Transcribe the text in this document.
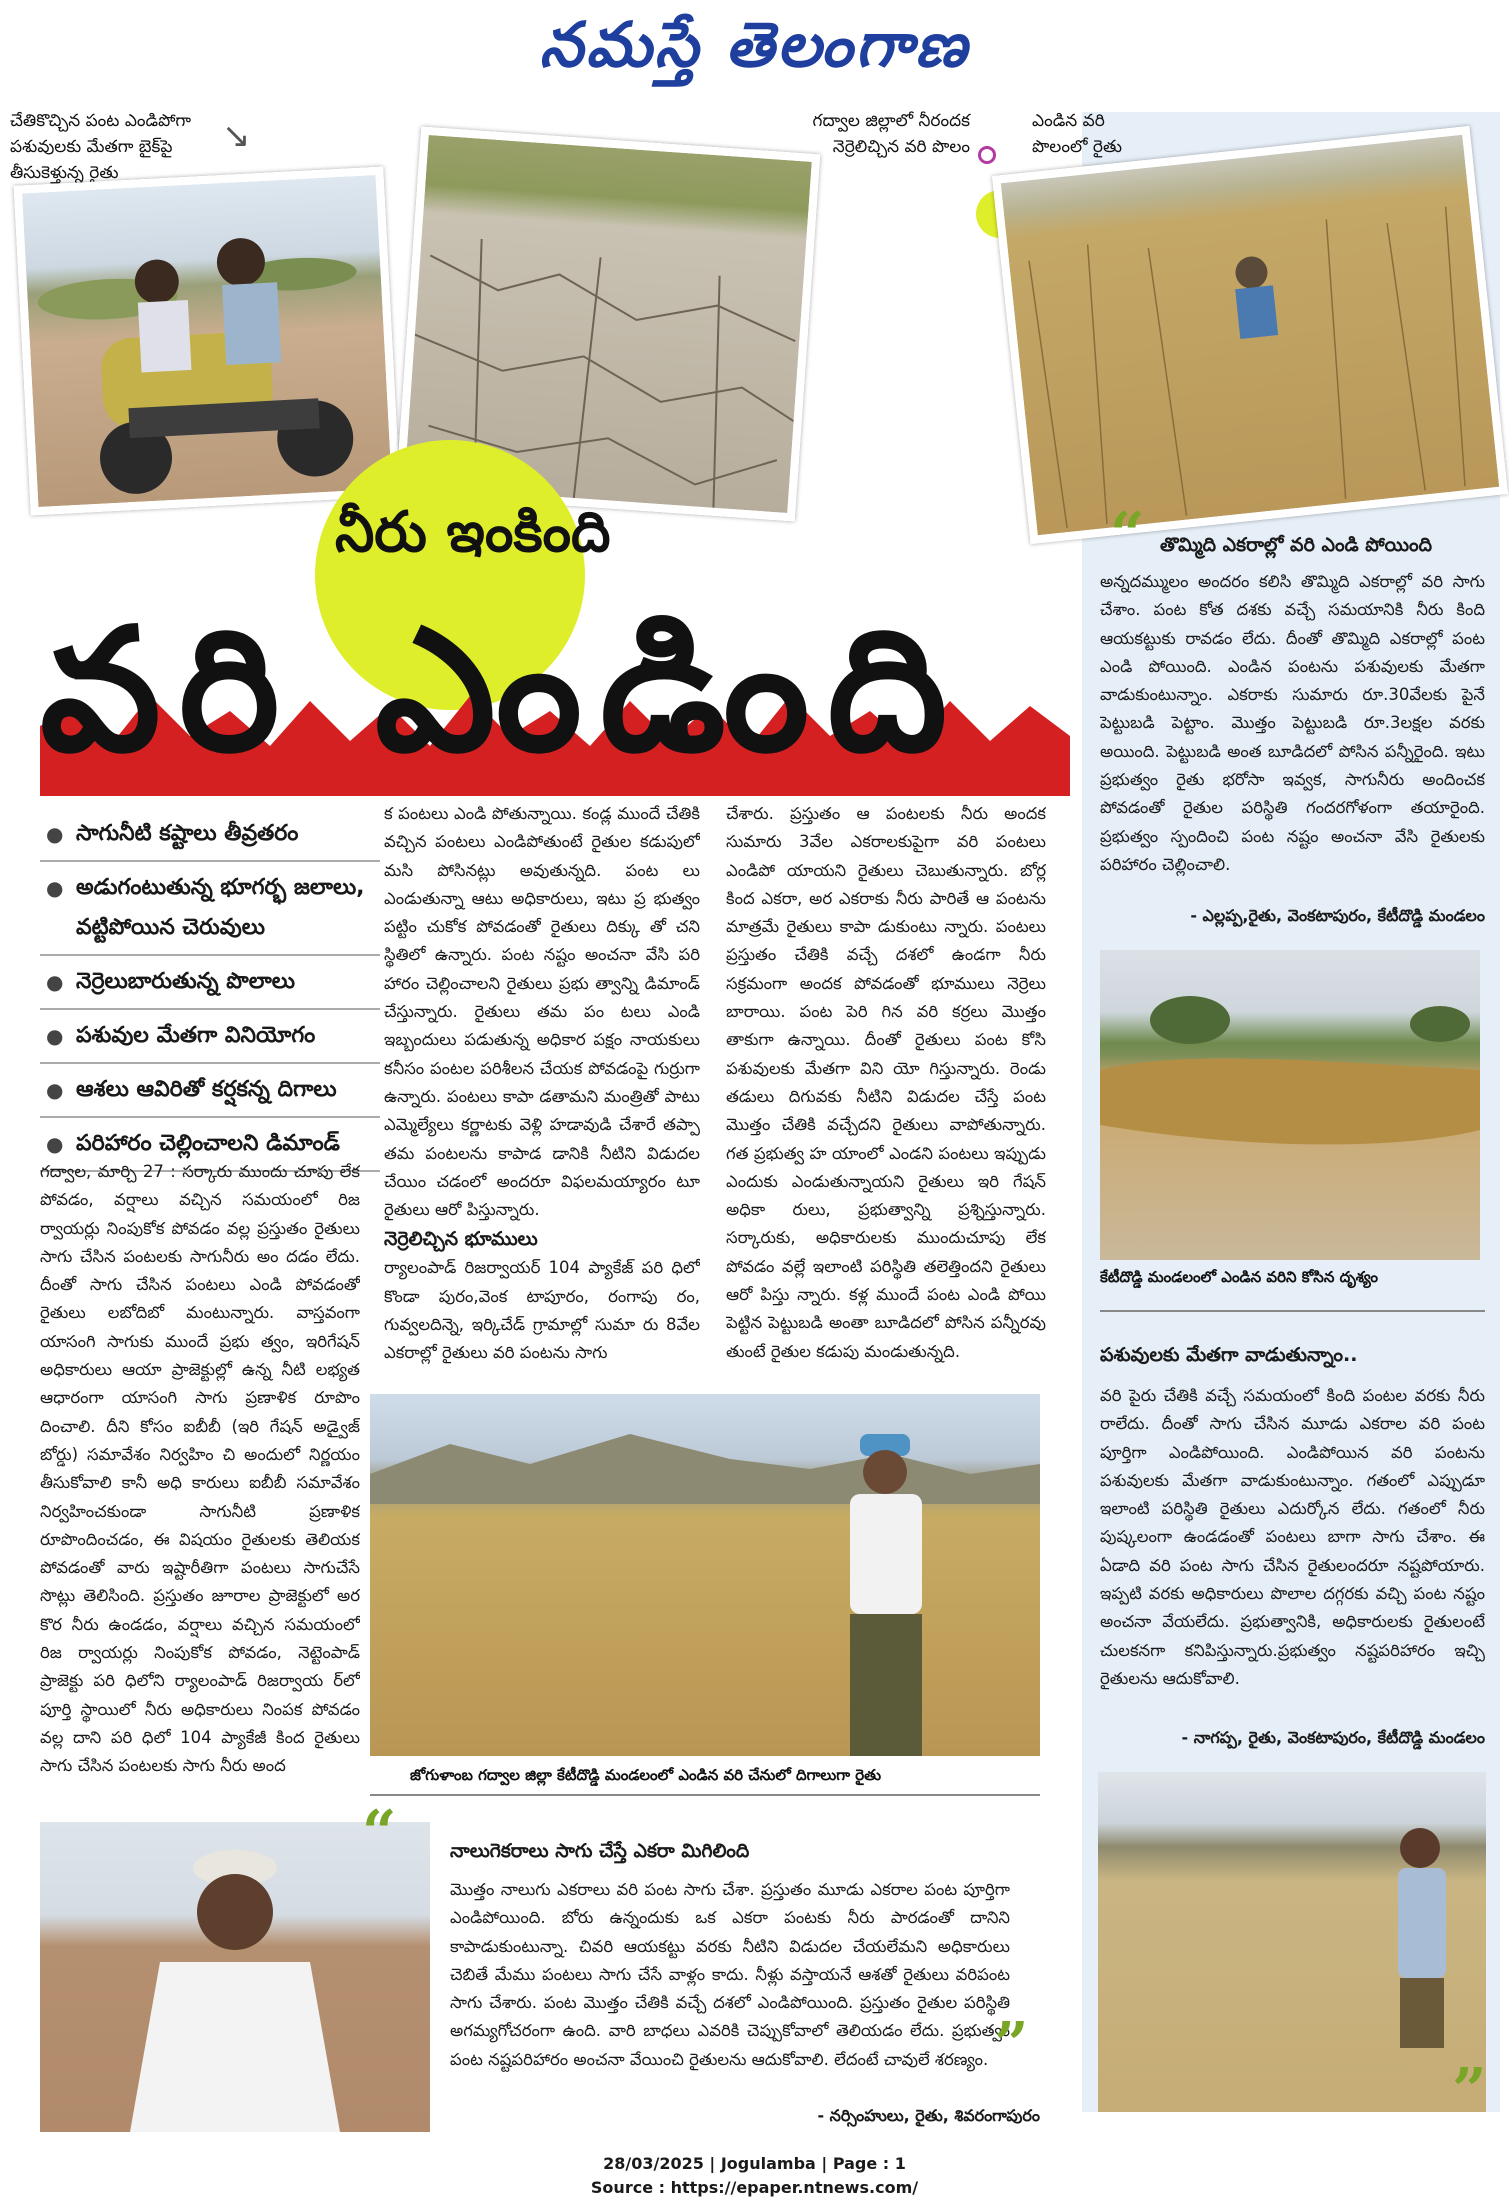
నమస్తే తెలంగాణ
చేతికొచ్చిన పంట ఎండిపోగా
పశువులకు మేతగా బైక్‌పై
తీసుకెళ్తున్న రైతు
↘	గద్వాల జిల్లాలో నీరందక
నెర్రెలిచ్చిన వరి పొలం
ఎండిన వరి
పొలంలో రైతు
నీరు ఇంకింది
వరి ఎండింది
● సాగునీటి కష్టాలు తీవ్రతరం
● అడుగంటుతున్న భూగర్భ జలాలు, వట్టిపోయిన చెరువులు
● నెర్రెలుబారుతున్న పొలాలు
● పశువుల మేతగా వినియోగం
● ఆశలు ఆవిరితో కర్షకన్న దిగాలు
● పరిహారం చెల్లించాలని డిమాండ్

గద్వాల, మార్చి 27 : సర్కారు ముందు చూపు లేక పోవడం, వర్షాలు వచ్చిన సమయంలో రిజ ర్వాయర్లు నింపుకోక పోవడం వల్ల ప్రస్తుతం రైతులు సాగు చేసిన పంటలకు సాగునీరు అం దడం లేదు. దీంతో సాగు చేసిన పంటలు ఎండి పోవడంతో రైతులు లబోదిబో మంటున్నారు. వాస్తవంగా యాసంగి సాగుకు ముందే ప్రభు త్వం, ఇరిగేషన్ అధికారులు ఆయా ప్రాజెక్టుల్లో ఉన్న నీటి లభ్యత ఆధారంగా యాసంగి సాగు ప్రణాళిక రూపొం దించాలి. దీని కోసం ఐబీబీ (ఇరి గేషన్ అడ్వైజ్ బోర్డు) సమావేశం నిర్వహిం చి అందులో నిర్ణయం తీసుకోవాలి కానీ అధి కారులు ఐబీబీ సమావేశం నిర్వహించకుండా సాగునీటి ప్రణాళిక రూపొందించడం, ఈ విషయం రైతులకు తెలియక పోవడంతో వారు ఇష్టారీతిగా పంటలు సాగుచేసే సొట్లు తెలిసింది. ప్రస్తుతం జూరాల ప్రాజెక్టులో అర కొర నీరు ఉండడం, వర్షాలు వచ్చిన సమయంలో రిజ ర్వాయర్లు నింపుకోక పోవడం, నెట్టెంపాడ్ ప్రాజెక్టు పరి ధిలోని ర్యాలంపాడ్ రిజర్వాయ ర్‌లో పూర్తి స్థాయిలో నీరు అధికారులు నింపక పోవడం వల్ల దాని పరి ధిలో 104 ప్యాకేజీ కింద రైతులు సాగు చేసిన పంటలకు సాగు నీరు అంద

క పంటలు ఎండి పోతున్నాయి. కండ్ల ముందే చేతికి వచ్చిన పంటలు ఎండిపోతుంటే రైతుల కడుపులో మసి పోసినట్లు అవుతున్నది. పంట లు ఎండుతున్నా ఆటు అధికారులు, ఇటు ప్ర భుత్వం పట్టిం చుకోక పోవడంతో రైతులు దిక్కు తో చని స్థితిలో ఉన్నారు. పంట నష్టం అంచనా వేసి పరి హారం చెల్లించాలని రైతులు ప్రభు త్వాన్ని డిమాండ్ చేస్తున్నారు. రైతులు తమ పం టలు ఎండి ఇబ్బందులు పడుతున్న అధికార పక్షం నాయకులు కనీసం పంటల పరిశీలన చేయక పోవడంపై గుర్రుగా ఉన్నారు. పంటలు కాపా డతామని మంత్రితో పాటు ఎమ్మెల్యేలు కర్ణాటకు వెళ్లి హడావుడి చేశారే తప్పా తమ పంటలను కాపాడ డానికి నీటిని విడుదల చేయిం చడంలో అందరూ విఫలమయ్యారం టూ రైతులు ఆరో పిస్తున్నారు.

నెర్రెలిచ్చిన భూములు

ర్యాలంపాడ్ రిజర్వాయర్ 104 ప్యాకేజ్ పరి ధిలో కొండా పురం,వెంక టాపూరం, రంగాపు రం, గువ్వలదిన్నె, ఇర్కిచేడ్ గ్రామాల్లో సుమా రు 8వేల ఎకరాల్లో రైతులు వరి పంటను సాగు

చేశారు. ప్రస్తుతం ఆ పంటలకు నీరు అందక సుమారు 3వేల ఎకరాలకుపైగా వరి పంటలు ఎండిపో యాయని రైతులు చెబుతున్నారు. బోర్ల కింద ఎకరా, అర ఎకరాకు నీరు పారితే ఆ పంటను మాత్రమే రైతులు కాపా డుకుంటు న్నారు. పంటలు ప్రస్తుతం చేతికి వచ్చే దశలో ఉండగా నీరు సక్రమంగా అందక పోవడంతో భూములు నెర్రెలు బారాయి. పంట పెరి గిన వరి కర్రలు మొత్తం తాకుగా ఉన్నాయి. దీంతో రైతులు పంట కోసి పశువులకు మేతగా విని యో గిస్తున్నారు. రెండు తడులు దిగువకు నీటిని విడుదల చేస్తే పంట మొత్తం చేతికి వచ్చేదని రైతులు వాపోతున్నారు. గత ప్రభుత్వ హ యాంలో ఎండని పంటలు ఇప్పుడు ఎందుకు ఎండుతున్నాయని రైతులు ఇరి గేషన్ అధికా రులు, ప్రభుత్వాన్ని ప్రశ్నిస్తున్నారు. సర్కారుకు, అధికారులకు ముందుచూపు లేక పోవడం వల్లే ఇలాంటి పరిస్థితి తలెత్తిందని రైతులు ఆరో పిస్తు న్నారు. కళ్ల ముందే పంట ఎండి పోయి పెట్టిన పెట్టుబడి అంతా బూడిదలో పోసిన పన్నీరవు తుంటే రైతుల కడుపు మండుతున్నది.

జోగుళాంబ గద్వాల జిల్లా కేటీదొడ్డి మండలంలో ఎండిన వరి చేనులో దిగాలుగా రైతు
“ తొమ్మిది ఎకరాల్లో వరి ఎండి పోయింది

అన్నదమ్ములం అందరం కలిసి తొమ్మిది ఎకరాల్లో వరి సాగు చేశాం. పంట కోత దశకు వచ్చే సమయానికి నీరు కింది ఆయకట్టుకు రావడం లేదు. దీంతో తొమ్మిది ఎకరాల్లో పంట ఎండి పోయింది. ఎండిన పంటను పశువులకు మేతగా వాడుకుంటున్నాం. ఎకరాకు సుమారు రూ.30వేలకు పైనే పెట్టుబడి పెట్టాం. మొత్తం పెట్టుబడి రూ.3లక్షల వరకు అయింది. పెట్టుబడి అంత బూడిదలో పోసిన పన్నీరైంది. ఇటు ప్రభుత్వం రైతు భరోసా ఇవ్వక, సాగునీరు అందించక పోవడంతో రైతుల పరిస్థితి గందరగోళంగా తయారైంది. ప్రభుత్వం స్పందించి పంట నష్టం అంచనా వేసి రైతులకు పరిహారం చెల్లించాలి.

- ఎల్లప్ప,రైతు, వెంకటాపురం, కేటీదొడ్డి మండలం
కేటీదొడ్డి మండలంలో ఎండిన వరిని కోసిన దృశ్యం
పశువులకు మేతగా వాడుతున్నాం..

వరి పైరు చేతికి వచ్చే సమయంలో కింది పంటల వరకు నీరు రాలేదు. దీంతో సాగు చేసిన మూడు ఎకరాల వరి పంట పూర్తిగా ఎండిపోయింది. ఎండిపోయిన వరి పంటను పశువులకు మేతగా వాడుకుంటున్నాం. గతంలో ఎప్పుడూ ఇలాంటి పరిస్థితి రైతులు ఎదుర్కోన లేదు. గతంలో నీరు పుష్కలంగా ఉండడంతో పంటలు బాగా సాగు చేశాం. ఈ ఏడాది వరి పంట సాగు చేసిన రైతులందరూ నష్టపోయారు. ఇప్పటి వరకు అధికారులు పొలాల దగ్గరకు వచ్చి పంట నష్టం అంచనా వేయలేదు. ప్రభుత్వానికి, అధికారులకు రైతులంటే చులకనగా కనిపిస్తున్నారు.ప్రభుత్వం నష్టపరిహారం ఇచ్చి రైతులను ఆదుకోవాలి.

- నాగప్ప, రైతు, వెంకటాపురం, కేటీదొడ్డి మండలం
”
“	నాలుగెకరాలు సాగు చేస్తే ఎకరా మిగిలింది

మొత్తం నాలుగు ఎకరాలు వరి పంట సాగు చేశా. ప్రస్తుతం మూడు ఎకరాల పంట పూర్తిగా ఎండిపోయింది. బోరు ఉన్నందుకు ఒక ఎకరా పంటకు నీరు పారడంతో దానిని కాపాడుకుంటున్నా. చివరి ఆయకట్టు వరకు నీటిని విడుదల చేయలేమని అధికారులు చెబితే మేము పంటలు సాగు చేసే వాళ్లం కాదు. నీళ్లు వస్తాయనే ఆశతో రైతులు వరిపంట సాగు చేశారు. పంట మొత్తం చేతికి వచ్చే దశలో ఎండిపోయింది. ప్రస్తుతం రైతుల పరిస్థితి అగమ్యగోచరంగా ఉంది. వారి బాధలు ఎవరికి చెప్పుకోవాలో తెలియడం లేదు. ప్రభుత్వం పంట నష్టపరిహారం అంచనా వేయించి రైతులను ఆదుకోవాలి. లేదంటే చావులే శరణ్యం. ”
- నర్సింహులు, రైతు, శివరంగాపురం
28/03/2025 | Jogulamba | Page : 1
Source : https://epaper.ntnews.com/
